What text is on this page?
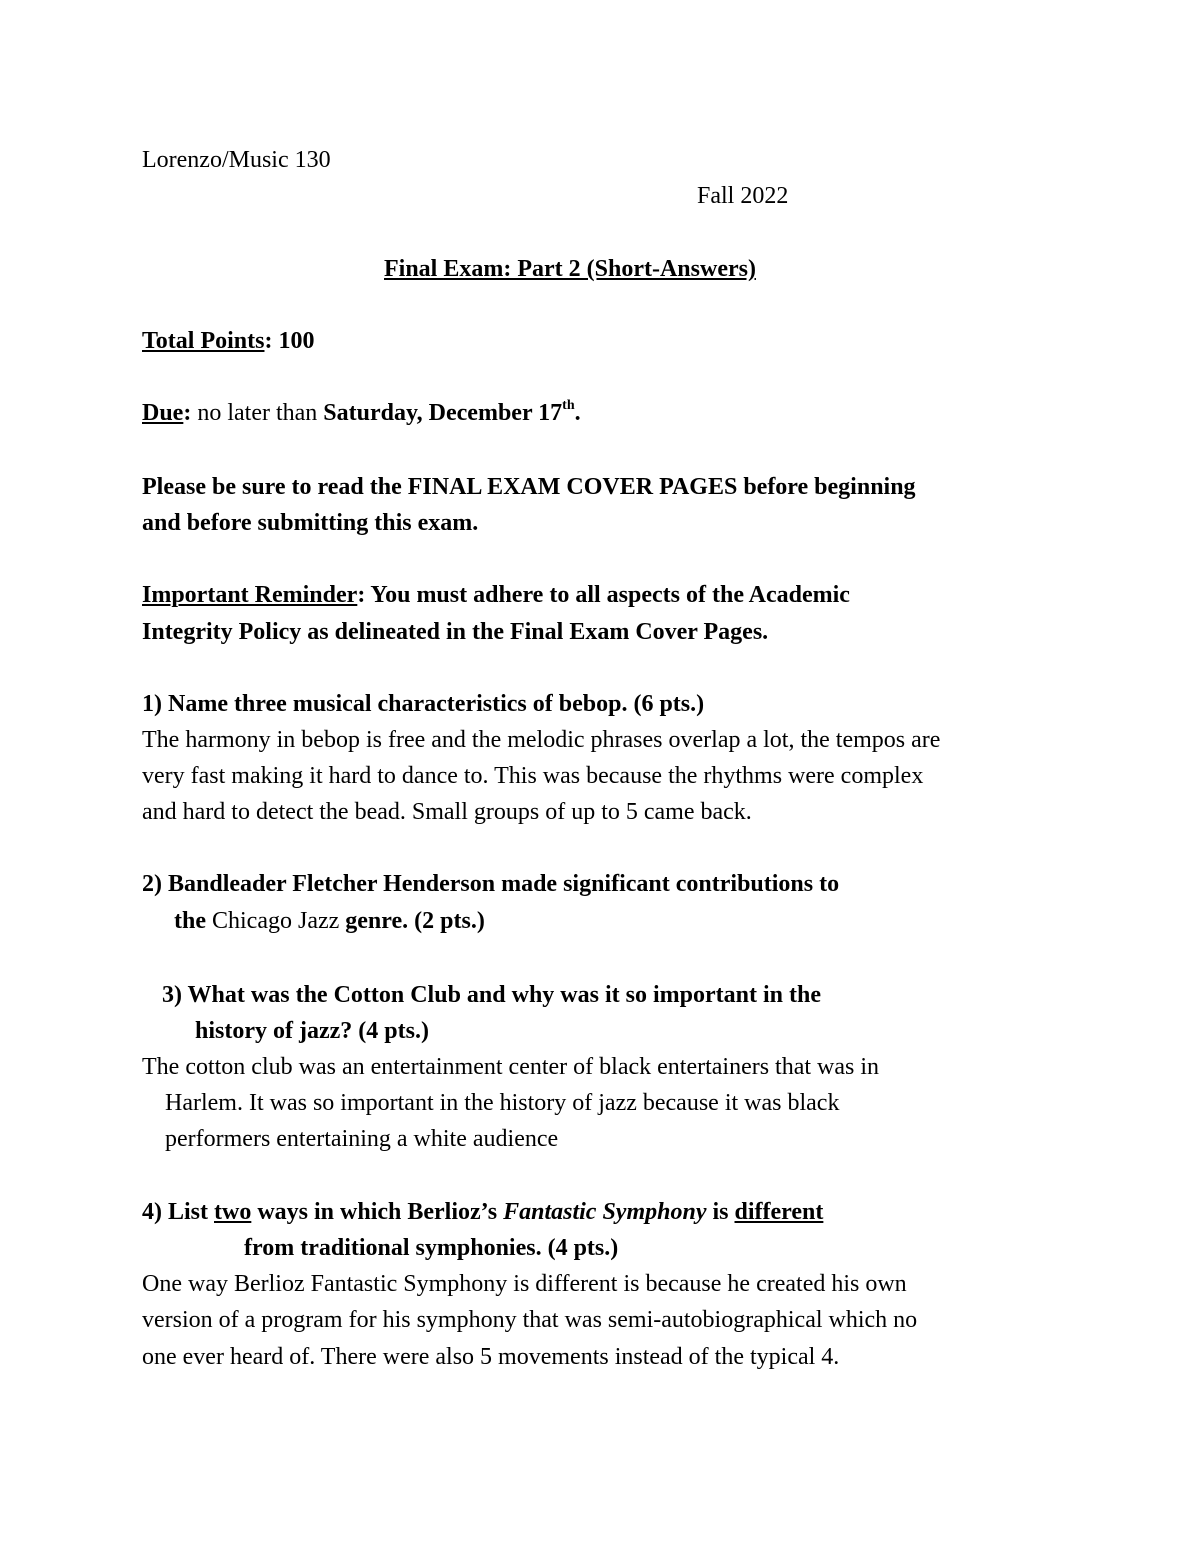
Lorenzo/Music 130
Fall 2022
Final Exam: Part 2 (Short-Answers)
Total Points: 100
Due: no later than Saturday, December 17th.
Please be sure to read the FINAL EXAM COVER PAGES before beginning
and before submitting this exam.
Important Reminder: You must adhere to all aspects of the Academic
Integrity Policy as delineated in the Final Exam Cover Pages.
1) Name three musical characteristics of bebop. (6 pts.)
The harmony in bebop is free and the melodic phrases overlap a lot, the tempos are
very fast making it hard to dance to. This was because the rhythms were complex
and hard to detect the bead. Small groups of up to 5 came back.
2) Bandleader Fletcher Henderson made significant contributions to
the Chicago Jazz genre. (2 pts.)
3) What was the Cotton Club and why was it so important in the
history of jazz? (4 pts.)
The cotton club was an entertainment center of black entertainers that was in
Harlem. It was so important in the history of jazz because it was black
performers entertaining a white audience
4) List two ways in which Berlioz’s Fantastic Symphony is different
from traditional symphonies. (4 pts.)
One way Berlioz Fantastic Symphony is different is because he created his own
version of a program for his symphony that was semi-autobiographical which no
one ever heard of. There were also 5 movements instead of the typical 4.
